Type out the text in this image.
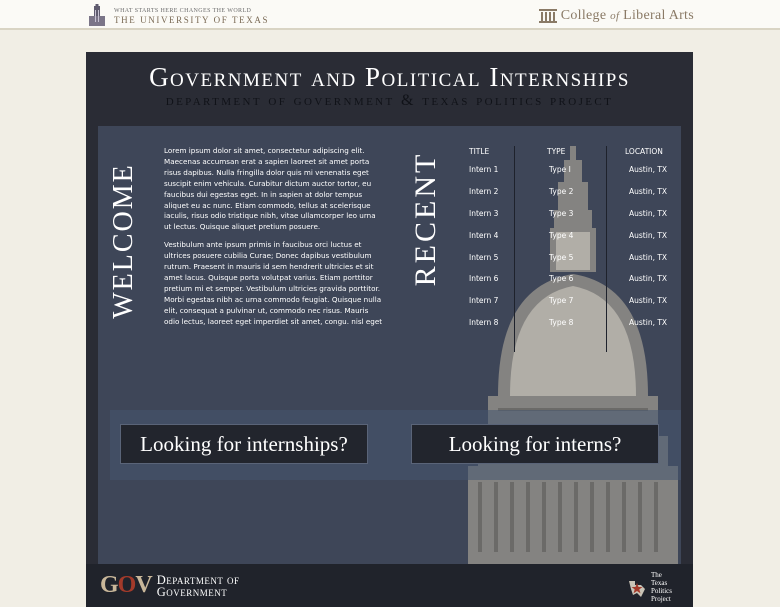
WHAT STARTS HERE CHANGES THE WORLD
THE UNIVERSITY OF TEXAS	College of Liberal Arts
Government and Political Internships
department of government & texas politics project
WELCOME

Lorem ipsum dolor sit amet, consectetur adipiscing elit. Maecenas accumsan erat a sapien laoreet sit amet porta risus dapibus. Nulla fringilla dolor quis mi venenatis eget suscipit enim vehicula. Curabitur dictum auctor tortor, eu faucibus dui egestas eget. In in sapien at dolor tempus aliquet eu ac nunc. Etiam commodo, tellus at scelerisque iaculis, risus odio tristique nibh, vitae ullamcorper leo urna ut lectus. Quisque aliquet pretium posuere.

Vestibulum ante ipsum primis in faucibus orci luctus et ultrices posuere cubilia Curae; Donec dapibus vestibulum rutrum. Praesent in mauris id sem hendrerit ultricies et sit amet lacus. Quisque porta volutpat varius. Etiam porttitor pretium mi et semper. Vestibulum ultricies gravida porttitor. Morbi egestas nibh ac urna commodo feugiat. Quisque nulla elit, consequat a pulvinar ut, commodo nec risus. Mauris odio lectus, laoreet eget imperdiet sit amet, congu. nisl eget

RECENT	TITLE	TYPE	LOCATION
Intern 1	Type I	Austin, TX
Intern 2	Type 2	Austin, TX
Intern 3	Type 3	Austin, TX
Intern 4	Type 4	Austin, TX
Intern 5	Type 5	Austin, TX
Intern 6	Type 6	Austin, TX
Intern 7	Type 7	Austin, TX
Intern 8	Type 8	Austin, TX
Looking for internships?	Looking for interns?
GOV Department of
Government
The
Texas
Politics
Project
